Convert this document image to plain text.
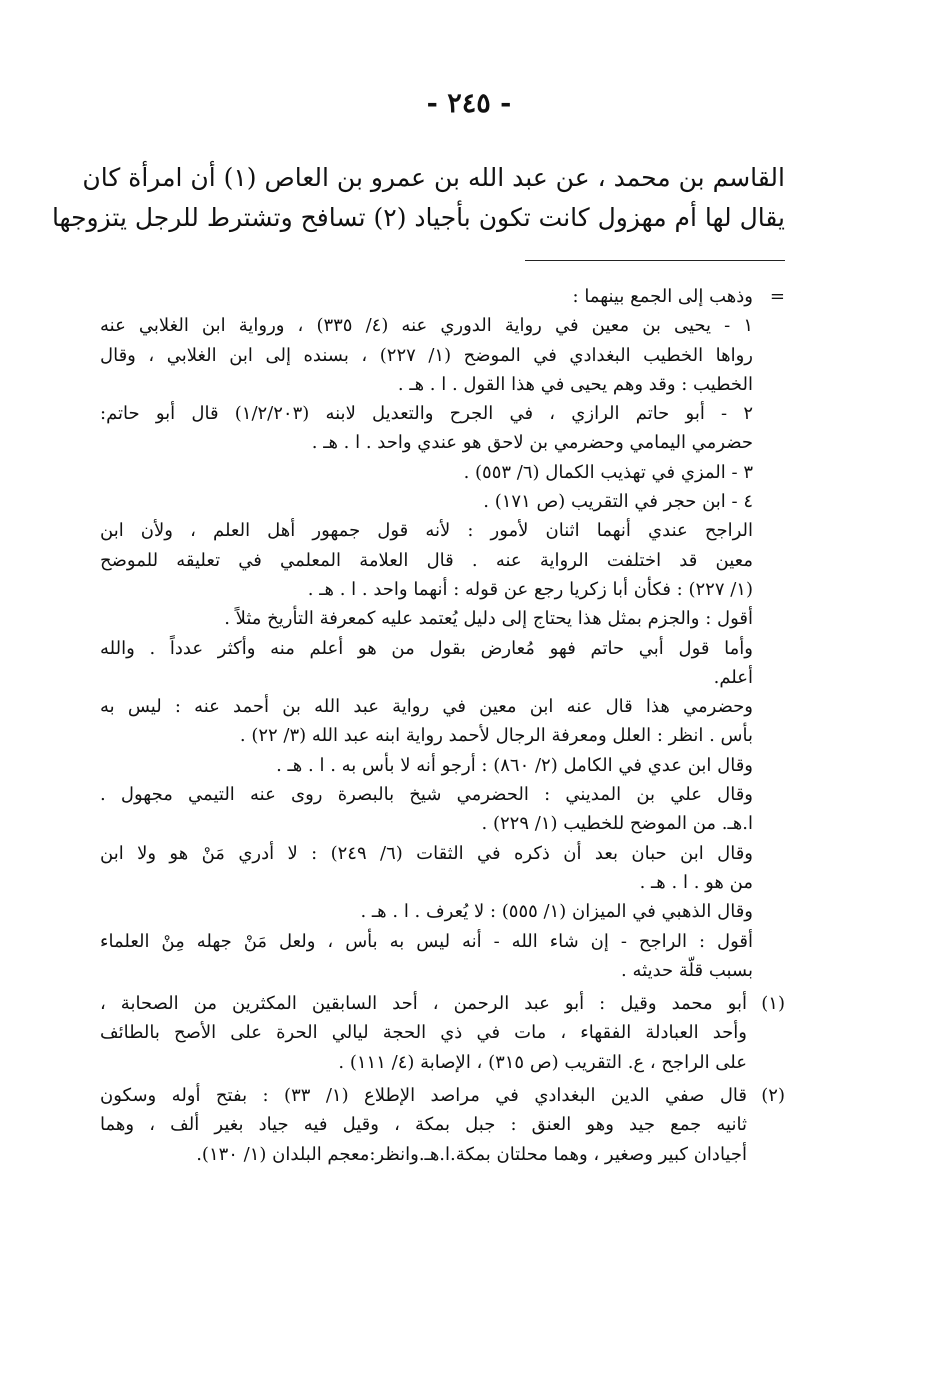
- ٢٤٥ -

القاسم بن محمد ، عن عبد الله بن عمرو بن العاص (١) أن امرأة كان

يقال لها أم مهزول كانت تكون بأجياد (٢) تسافح وتشترط للرجل يتزوجها

=
وذهب إلى الجمع بينهما :
١ - يحيى بن معين في رواية الدوري عنه (٤/ ٣٣٥) ، ورواية ابن الغلابي عنه
رواها الخطيب البغدادي في الموضح (١/ ٢٢٧) ، بسنده إلى ابن الغلابي ، وقال
الخطيب : وقد وهم يحيى في هذا القول . ا . هـ .
٢ - أبو حاتم الرازي ، في الجرح والتعديل لابنه (١/٢/٢٠٣) قال أبو حاتم:
حضرمي اليمامي وحضرمي بن لاحق هو عندي واحد . ا . هـ .
٣ - المزي في تهذيب الكمال (٦/ ٥٥٣) .
٤ - ابن حجر في التقريب (ص ١٧١) .
الراجح عندي أنهما اثنان لأمور : لأنه قول جمهور أهل العلم ، ولأن ابن
معين قد اختلفت الرواية عنه . قال العلامة المعلمي في تعليقه للموضح
(١/ ٢٢٧) : فكأن أبا زكريا رجع عن قوله : أنهما واحد . ا . هـ .
أقول : والجزم بمثل هذا يحتاج إلى دليل يُعتمد عليه كمعرفة التأريخ مثلاً .
وأما قول أبي حاتم فهو مُعارض بقول من هو أعلم منه وأكثر عدداً . والله
أعلم.
وحضرمي هذا قال عنه ابن معين في رواية عبد الله بن أحمد عنه : ليس به
بأس . انظر : العلل ومعرفة الرجال لأحمد رواية ابنه عبد الله (٣/ ٢٢) .
وقال ابن عدي في الكامل (٢/ ٨٦٠) : أرجو أنه لا بأس به . ا . هـ .
وقال علي بن المديني : الحضرمي شيخ بالبصرة روى عنه التيمي مجهول .
ا.هـ. من الموضح للخطيب (١/ ٢٢٩) .
وقال ابن حبان بعد أن ذكره في الثقات (٦/ ٢٤٩) : لا أدري مَنْ هو ولا ابن
من هو . ا . هـ .
وقال الذهبي في الميزان (١/ ٥٥٥) : لا يُعرف . ا . هـ .
أقول : الراجح - إن شاء الله - أنه ليس به بأس ، ولعل مَنْ جهله مِنْ العلماء
بسبب قلّة حديثه .
(١)
أبو محمد وقيل : أبو عبد الرحمن ، أحد السابقين المكثرين من الصحابة ،
وأحد العبادلة الفقهاء ، مات في ذي الحجة ليالي الحرة على الأصح بالطائف
على الراجح ، ع. التقريب (ص ٣١٥) ، الإصابة (٤/ ١١١) .
(٢)
قال صفي الدين البغدادي في مراصد الإطلاع (١/ ٣٣) : بفتح أوله وسكون
ثانيه جمع جيد وهو العنق : جبل بمكة ، وقيل فيه جياد بغير ألف ، وهما
أجيادان كبير وصغير ، وهما محلتان بمكة.ا.هـ.وانظر:معجم البلدان (١/ ١٣٠).
